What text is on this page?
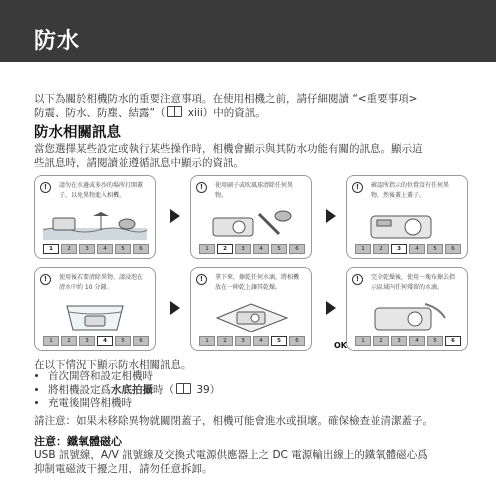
防水
以下為關於相機防水的重要注意事項。在使用相機之前，請仔細閱讀 “<重要事項>
防震、防水、防塵、結露”（ xiii）中的資訊。
防水相關訊息
當您選擇某些設定或執行某些操作時，相機會顯示與其防水功能有關的訊息。顯示這
些訊息時，請閱讀並遵循訊息中顯示的資訊。
!	請勿在水邊或多沙的場所打開蓋子，以免異物進入相機。
1	2	3	4	5	6
!	使用刷子或吹風球清除任何異物。
1	2	3	4	5	6
!	確認所指示的位置沒有任何異物，然後蓋上蓋子。
1	2	3	4	5	6
!	使用後若要清除異物，請浸泡在清水中約 10 分鐘。
1	2	3	4	5	6
!	拿下來，擦乾任何水滴，將相機放在一陣乾上讓其乾燥。
1	2	3	4	5	6
!	完全乾燥後，使用一塊布擦去指示區域內任何殘留的水滴。
1	2	3	4	5	6
OK
在以下情況下顯示防水相關訊息。
• 首次開啓和設定相機時
• 將相機設定爲水底拍攝時（ 39）
• 充電後開啓相機時
請注意：如果未移除異物就關閉蓋子，相機可能會進水或損壞。確保檢查並清潔蓋子。
注意：鐵氧體磁心
USB 訊號線，A/V 訊號線及交換式電源供應器上之 DC 電源輸出線上的鐵氧體磁心爲
抑制電磁波干擾之用，請勿任意拆卸。
